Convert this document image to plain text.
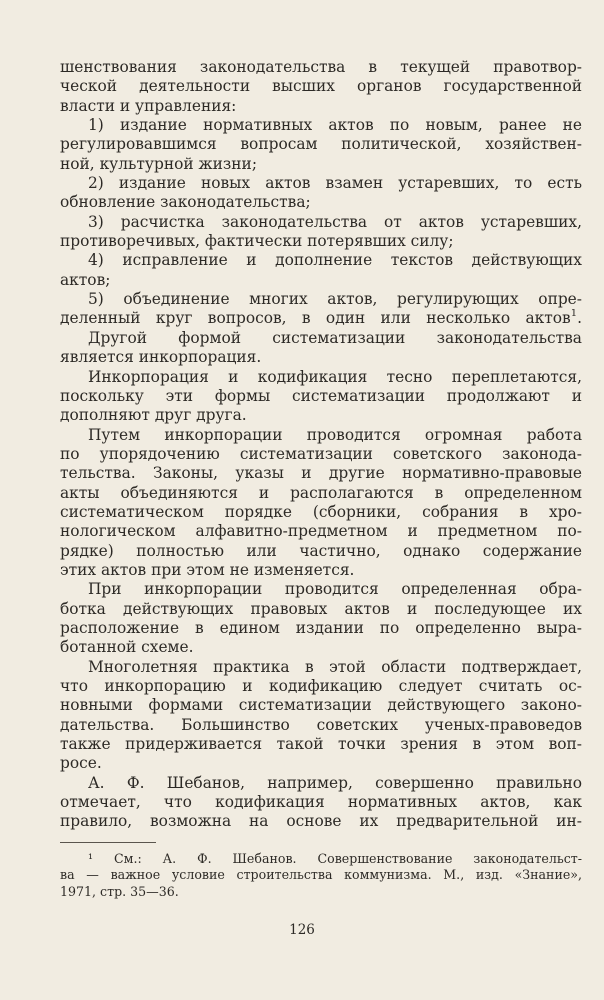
шенствования законодательства в текущей правотвор-
ческой деятельности высших органов государственной
власти и управления:
1) издание нормативных актов по новым, ранее не
регулировавшимся вопросам политической, хозяйствен-
ной, культурной жизни;
2) издание новых актов взамен устаревших, то есть
обновление законодательства;
3) расчистка законодательства от актов устаревших,
противоречивых, фактически потерявших силу;
4) исправление и дополнение текстов действующих
актов;
5) объединение многих актов, регулирующих опре-
деленный круг вопросов, в один или несколько актов$^1$.
Другой формой систематизации законодательства
является инкорпорация.
Инкорпорация и кодификация тесно переплетаются,
поскольку эти формы систематизации продолжают и
дополняют друг друга.
Путем инкорпорации проводится огромная работа
по упорядочению систематизации советского законода-
тельства. Законы, указы и другие нормативно-правовые
акты объединяются и располагаются в определенном
систематическом порядке (сборники, собрания в хро-
нологическом алфавитно-предметном и предметном по-
рядке) полностью или частично, однако содержание
этих актов при этом не изменяется.
При инкорпорации проводится определенная обра-
ботка действующих правовых актов и последующее их
расположение в едином издании по определенно выра-
ботанной схеме.
Многолетняя практика в этой области подтверждает,
что инкорпорацию и кодификацию следует считать ос-
новными формами систематизации действующего законо-
дательства. Большинство советских ученых-правоведов
также придерживается такой точки зрения в этом воп-
росе.
А. Ф. Шебанов, например, совершенно правильно
отмечает, что кодификация нормативных актов, как
правило, возможна на основе их предварительной ин-
¹ См.: А. Ф. Шебанов. Совершенствование законодательст-
ва — важное условие строительства коммунизма. М., изд. «Знание»,
1971, стр. 35—36.
126
